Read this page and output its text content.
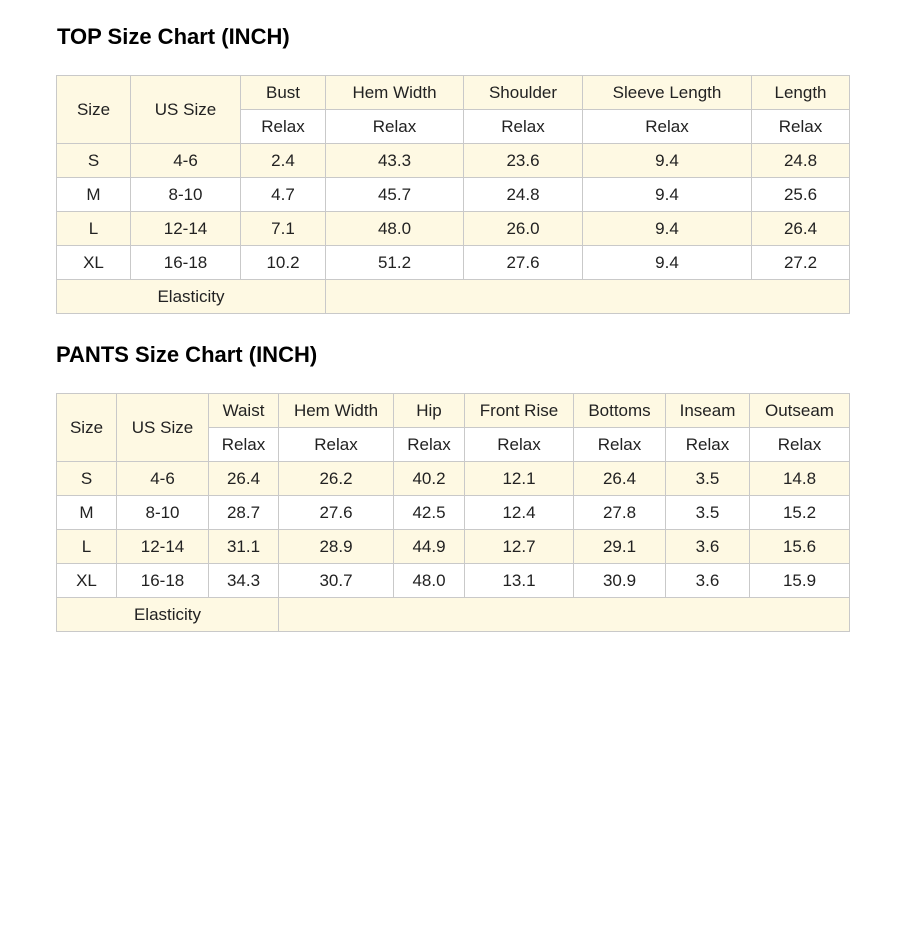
TOP Size Chart (INCH)
Size	US Size	Bust	Hem Width	Shoulder	Sleeve Length	Length
		Relax	Relax	Relax	Relax	Relax
S	4-6	2.4	43.3	23.6	9.4	24.8
M	8-10	4.7	45.7	24.8	9.4	25.6
L	12-14	7.1	48.0	26.0	9.4	26.4
XL	16-18	10.2	51.2	27.6	9.4	27.2
Elasticity						
PANTS Size Chart (INCH)
Size	US Size	Waist	Hem Width	Hip	Front Rise	Bottoms	Inseam	Outseam
		Relax	Relax	Relax	Relax	Relax	Relax	Relax
S	4-6	26.4	26.2	40.2	12.1	26.4	3.5	14.8
M	8-10	28.7	27.6	42.5	12.4	27.8	3.5	15.2
L	12-14	31.1	28.9	44.9	12.7	29.1	3.6	15.6
XL	16-18	34.3	30.7	48.0	13.1	30.9	3.6	15.9
Elasticity								
